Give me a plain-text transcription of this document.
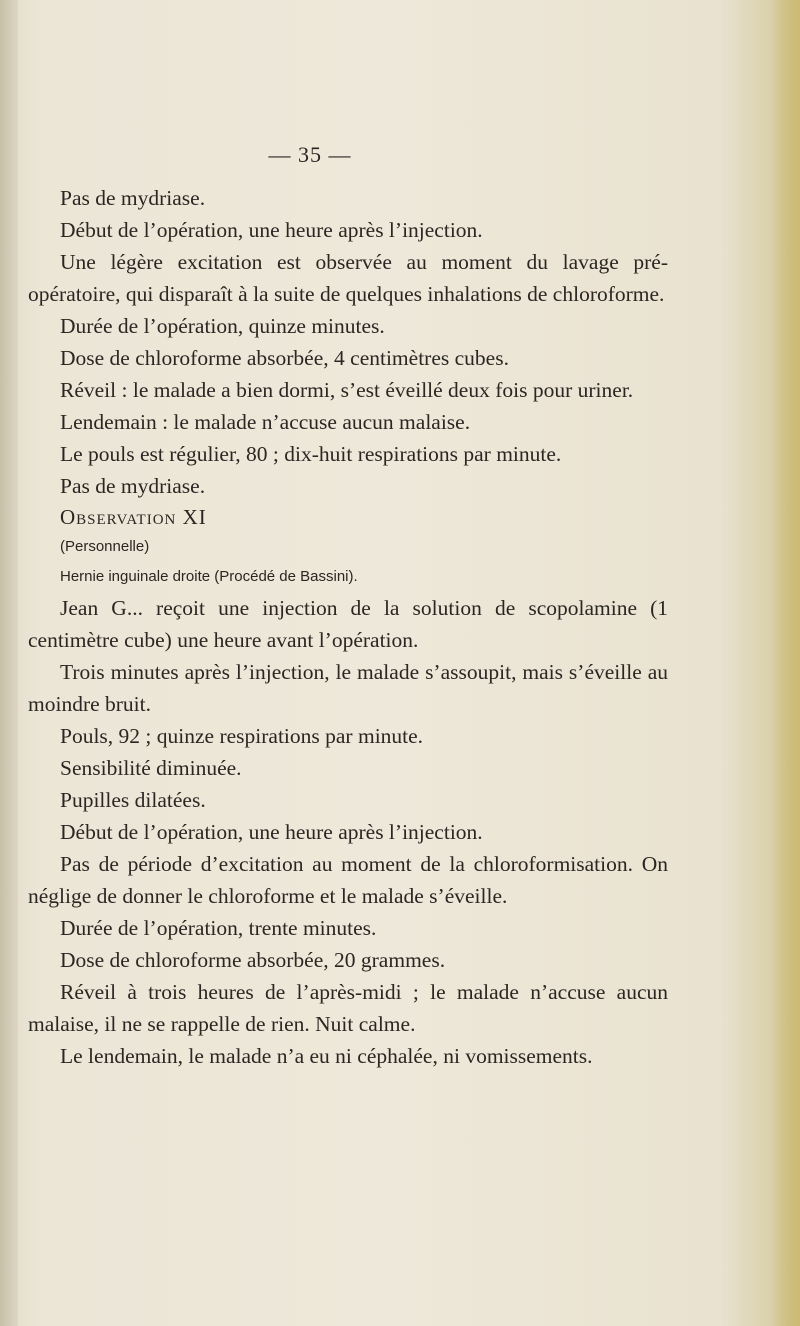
— 35 —

Pas de mydriase.

Début de l’opération, une heure après l’injection.

Une légère excitation est observée au moment du lavage pré-opératoire, qui disparaît à la suite de quelques inhalations de chloroforme.

Durée de l’opération, quinze minutes.

Dose de chloroforme absorbée, 4 centimètres cubes.

Réveil : le malade a bien dormi, s’est éveillé deux fois pour uriner.

Lendemain : le malade n’accuse aucun malaise.

Le pouls est régulier, 80 ; dix-huit respirations par minute.

Pas de mydriase.

Observation XI

(Personnelle)

Hernie inguinale droite (Procédé de Bassini).

Jean G... reçoit une injection de la solution de scopolamine (1 centimètre cube) une heure avant l’opération.

Trois minutes après l’injection, le malade s’assoupit, mais s’éveille au moindre bruit.

Pouls, 92 ; quinze respirations par minute.

Sensibilité diminuée.

Pupilles dilatées.

Début de l’opération, une heure après l’injection.

Pas de période d’excitation au moment de la chloroformisation. On néglige de donner le chloroforme et le malade s’éveille.

Durée de l’opération, trente minutes.

Dose de chloroforme absorbée, 20 grammes.

Réveil à trois heures de l’après-midi ; le malade n’accuse aucun malaise, il ne se rappelle de rien. Nuit calme.

Le lendemain, le malade n’a eu ni céphalée, ni vomissements.
